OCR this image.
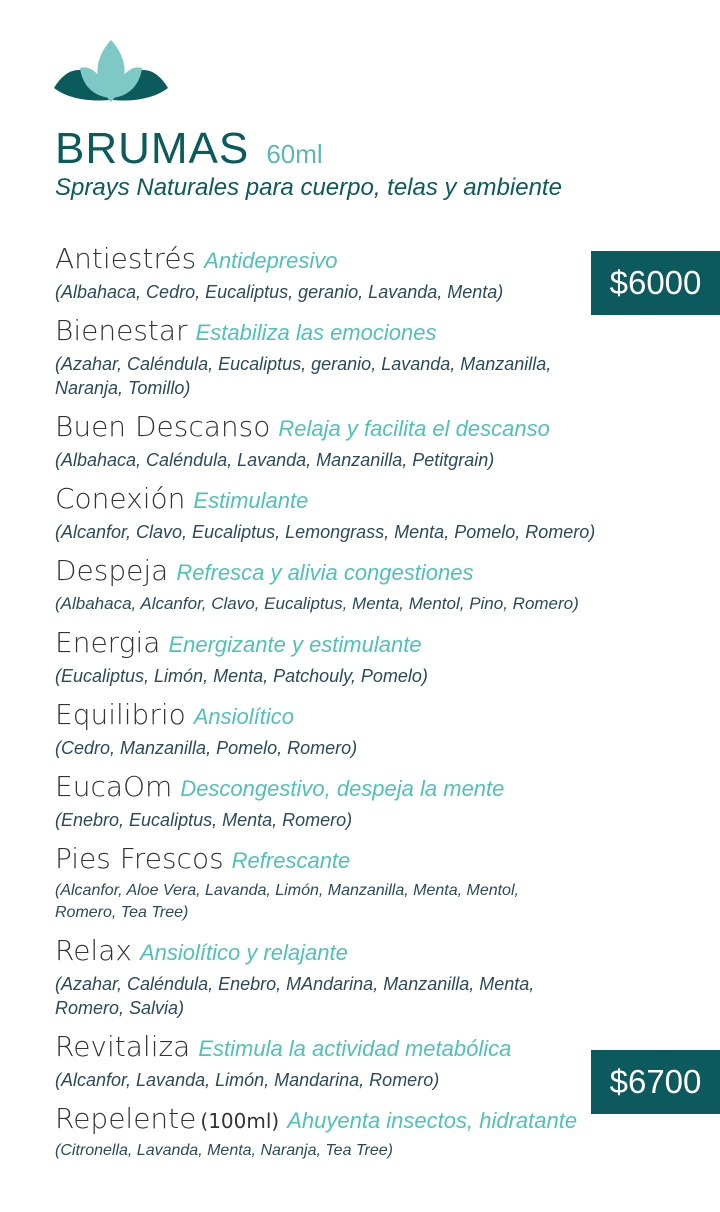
BRUMAS 60ml
Sprays Naturales para cuerpo, telas y ambiente
Antiestrés Antidepresivo
(Albahaca, Cedro, Eucaliptus, geranio, Lavanda, Menta)
Bienestar Estabiliza las emociones
(Azahar, Caléndula, Eucaliptus, geranio, Lavanda, Manzanilla, Naranja, Tomillo)
Buen Descanso Relaja y facilita el descanso
(Albahaca, Caléndula, Lavanda, Manzanilla, Petitgrain)
Conexión Estimulante
(Alcanfor, Clavo, Eucaliptus, Lemongrass, Menta, Pomelo, Romero)
Despeja Refresca y alivia congestiones
(Albahaca, Alcanfor, Clavo, Eucaliptus, Menta, Mentol, Pino, Romero)
Energia Energizante y estimulante
(Eucaliptus, Limón, Menta, Patchouly, Pomelo)
Equilibrio Ansiolítico
(Cedro, Manzanilla, Pomelo, Romero)
EucaOm Descongestivo, despeja la mente
(Enebro, Eucaliptus, Menta, Romero)
Pies Frescos Refrescante
(Alcanfor, Aloe Vera, Lavanda, Limón, Manzanilla, Menta, Mentol, Romero, Tea Tree)
Relax Ansiolítico y relajante
(Azahar, Caléndula, Enebro, MAndarina, Manzanilla, Menta, Romero, Salvia)
Revitaliza Estimula la actividad metabólica
(Alcanfor, Lavanda, Limón, Mandarina, Romero)
Repelente (100ml) Ahuyenta insectos, hidratante
(Citronella, Lavanda, Menta, Naranja, Tea Tree)
$6000
$6700
